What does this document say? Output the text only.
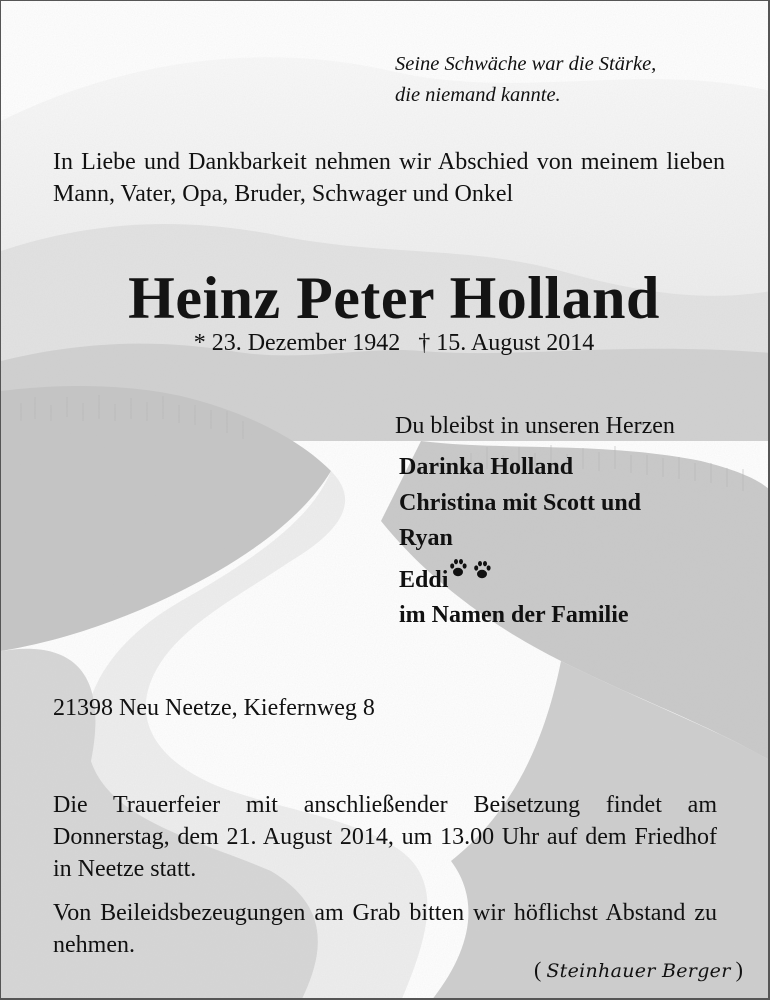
Seine Schwäche war die Stärke,
die niemand kannte.
In Liebe und Dankbarkeit nehmen wir Abschied von meinem lieben Mann, Vater, Opa, Bruder, Schwager und Onkel
Heinz Peter Holland
* 23. Dezember 1942   † 15. August 2014
Du bleibst in unseren Herzen
Darinka Holland
Christina mit Scott und
Ryan
Eddi
im Namen der Familie
21398 Neu Neetze, Kiefernweg 8
Die Trauerfeier mit anschließender Beisetzung findet am Donnerstag, dem 21. August 2014, um 13.00 Uhr auf dem Friedhof in Neetze statt.
Von Beileidsbezeugungen am Grab bitten wir höflichst Abstand zu nehmen.
( Steinhauer Berger )
